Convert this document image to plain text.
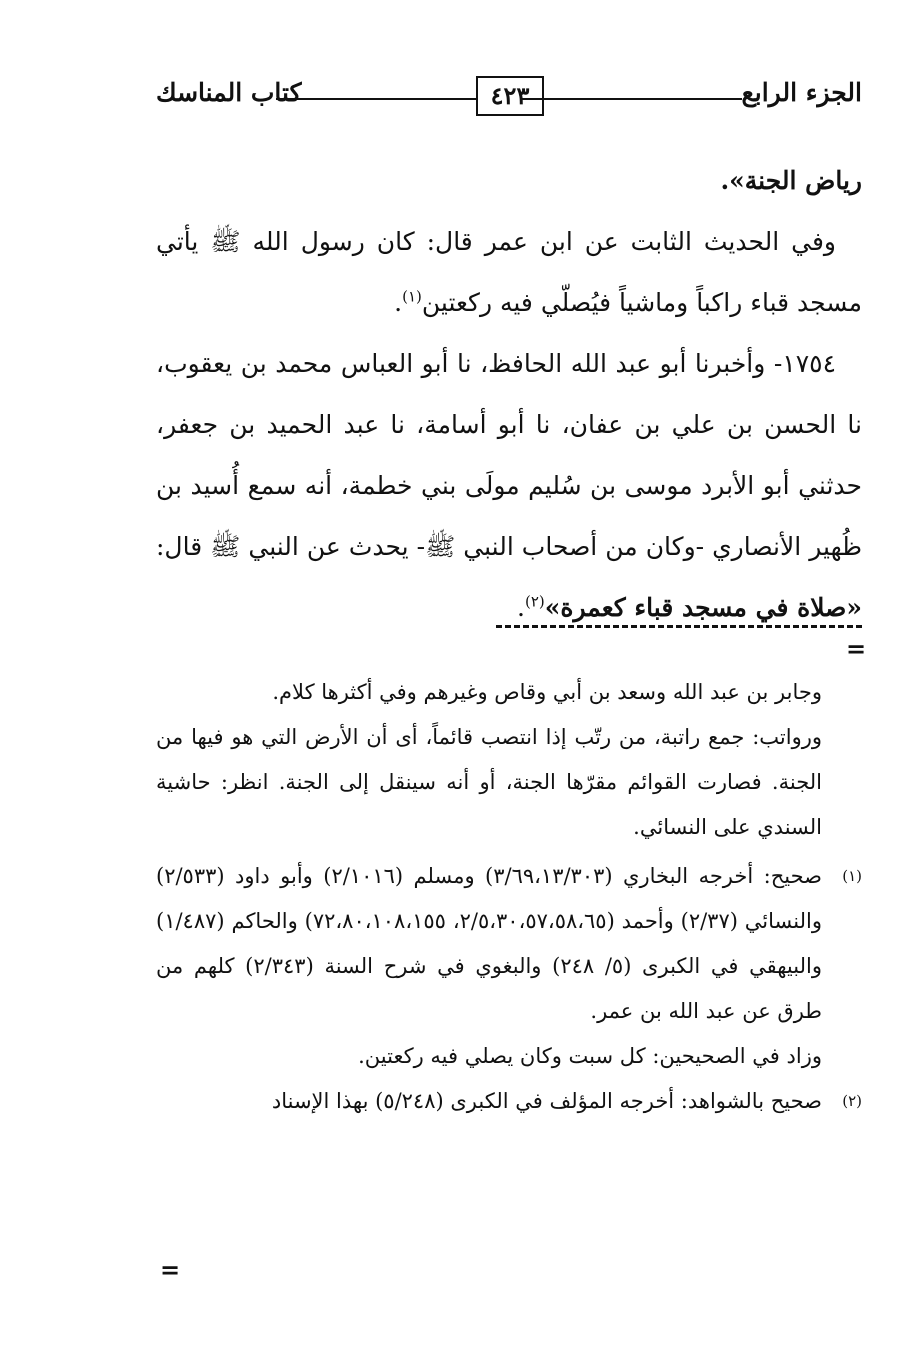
الجزء الرابع
٤٢٣
كتاب المناسك

رياض الجنة».

وفي الحديث الثابت عن ابن عمر قال: كان رسول الله ﷺ يأتي مسجد قباء راكباً وماشياً فيُصلّي فيه ركعتين$^{(١)}$.

١٧٥٤- وأخبرنا أبو عبد الله الحافظ، نا أبو العباس محمد بن يعقوب، نا الحسن بن علي بن عفان، نا أبو أسامة، نا عبد الحميد بن جعفر، حدثني أبو الأبرد موسى بن سُليم مولَى بني خطمة، أنه سمع أُسيد بن ظُهير الأنصاري -وكان من أصحاب النبي ﷺ- يحدث عن النبي ﷺ قال: «صلاة في مسجد قباء كعمرة»$^{(٢)}$.

=

وجابر بن عبد الله وسعد بن أبي وقاص وغيرهم وفي أكثرها كلام.

ورواتب: جمع راتبة، من رتّب إذا انتصب قائماً، أى أن الأرض التي هو فيها من الجنة. فصارت القوائم مقرّها الجنة، أو أنه سينقل إلى الجنة. انظر: حاشية السندي على النسائي.

(١)
صحيح: أخرجه البخاري (٣/٦٩،١٣/٣٠٣) ومسلم (٢/١٠١٦) وأبو داود (٢/٥٣٣) والنسائي (٢/٣٧) وأحمد (٢/٥،٣٠،٥٧،٥٨،٦٥، ٧٢،٨٠،١٠٨،١٥٥) والحاكم (١/٤٨٧) والبيهقي في الكبرى (٥/ ٢٤٨) والبغوي في شرح السنة (٢/٣٤٣) كلهم من طرق عن عبد الله بن عمر.

وزاد في الصحيحين: كل سبت وكان يصلي فيه ركعتين.

(٢)
صحيح بالشواهد: أخرجه المؤلف في الكبرى (٥/٢٤٨) بهذا الإسناد

=
